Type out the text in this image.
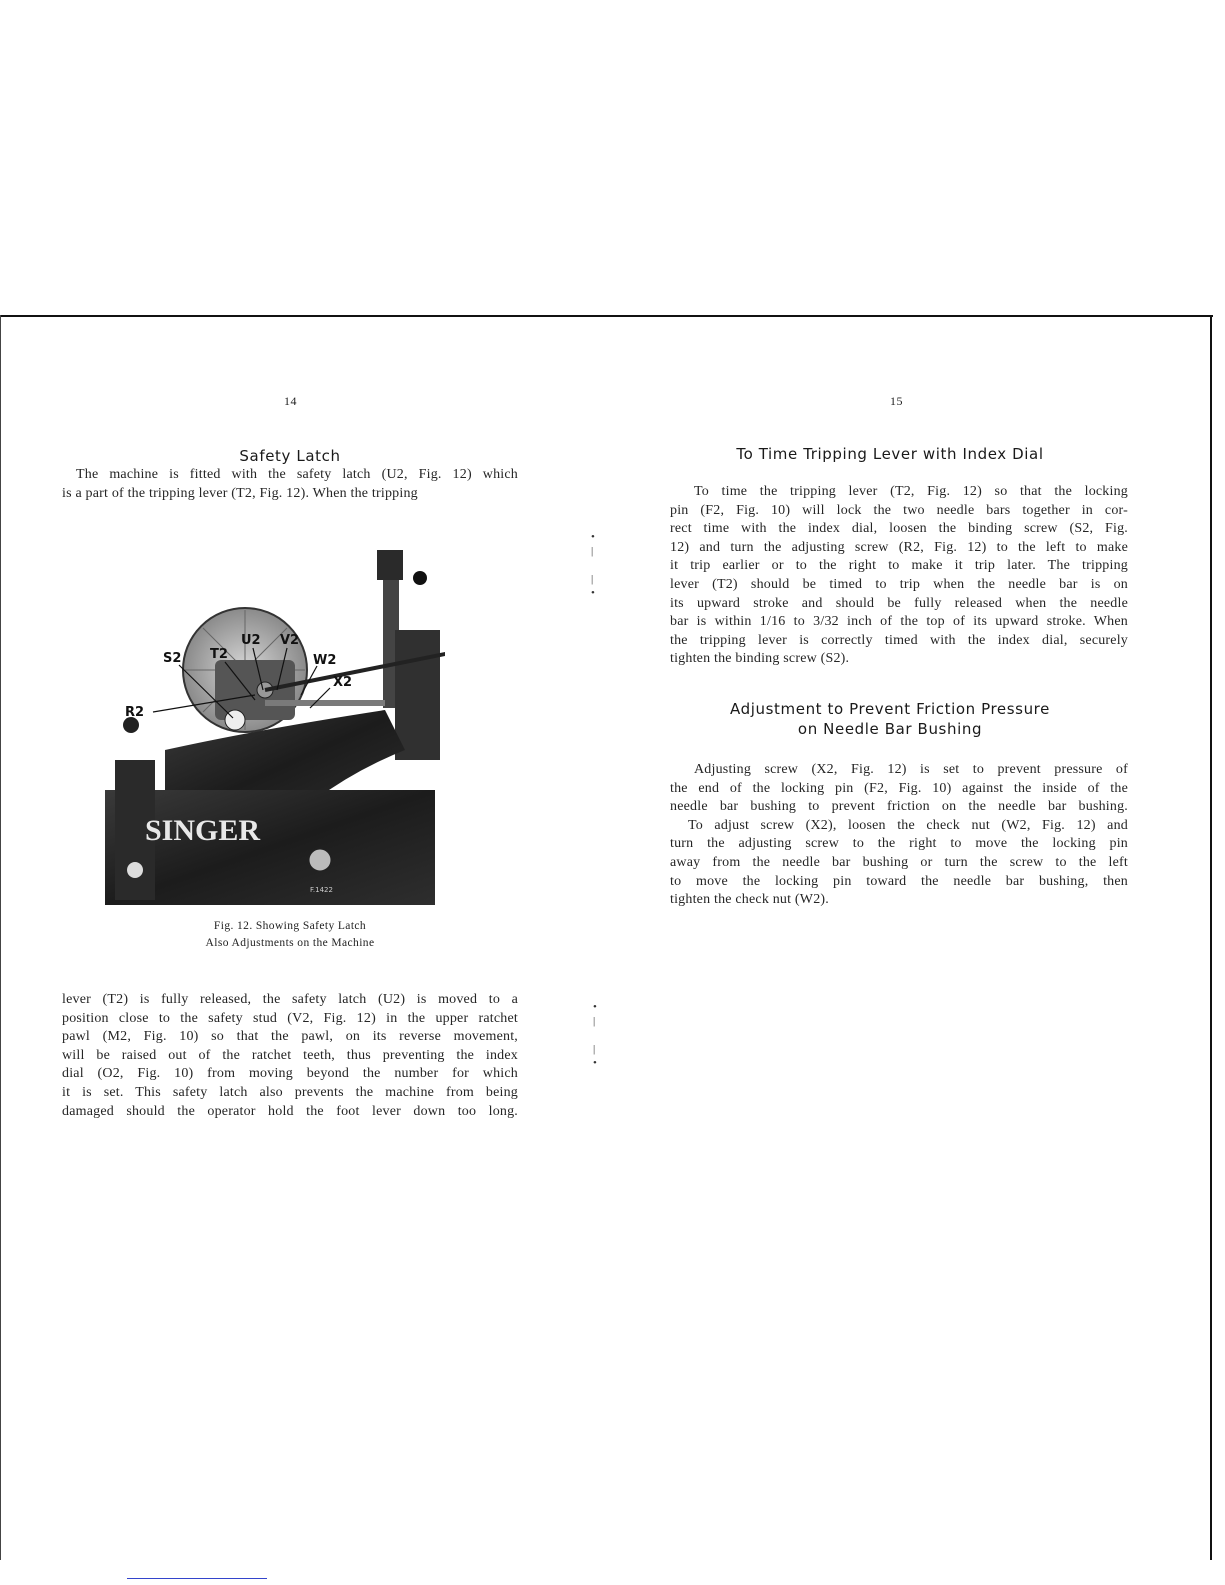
14
Safety Latch
The machine is fitted with the safety latch (U2, Fig. 12) which
is a part of the tripping lever (T2, Fig. 12). When the tripping
SINGER
F.1422
U2 V2
T2
S2	W2
X2
R2
Fig. 12. Showing Safety Latch
Also Adjustments on the Machine
lever (T2) is fully released, the safety latch (U2) is moved to a
position close to the safety stud (V2, Fig. 12) in the upper ratchet
pawl (M2, Fig. 10) so that the pawl, on its reverse movement,
will be raised out of the ratchet teeth, thus preventing the index
dial (O2, Fig. 10) from moving beyond the number for which
it is set. This safety latch also prevents the machine from being
damaged should the operator hold the foot lever down too long.
•
|

|
•
•
|

|
•
15
To Time Tripping Lever with Index Dial
To time the tripping lever (T2, Fig. 12) so that the locking
pin (F2, Fig. 10) will lock the two needle bars together in cor-
rect time with the index dial, loosen the binding screw (S2, Fig.
12) and turn the adjusting screw (R2, Fig. 12) to the left to make
it trip earlier or to the right to make it trip later. The tripping
lever (T2) should be timed to trip when the needle bar is on
its upward stroke and should be fully released when the needle
bar is within 1/16 to 3/32 inch of the top of its upward stroke. When
the tripping lever is correctly timed with the index dial, securely
tighten the binding screw (S2).
Adjustment to Prevent Friction Pressure
on Needle Bar Bushing
Adjusting screw (X2, Fig. 12) is set to prevent pressure of
the end of the locking pin (F2, Fig. 10) against the inside of the
needle bar bushing to prevent friction on the needle bar bushing.
To adjust screw (X2), loosen the check nut (W2, Fig. 12) and
turn the adjusting screw to the right to move the locking pin
away from the needle bar bushing or turn the screw to the left
to move the locking pin toward the needle bar bushing, then
tighten the check nut (W2).
